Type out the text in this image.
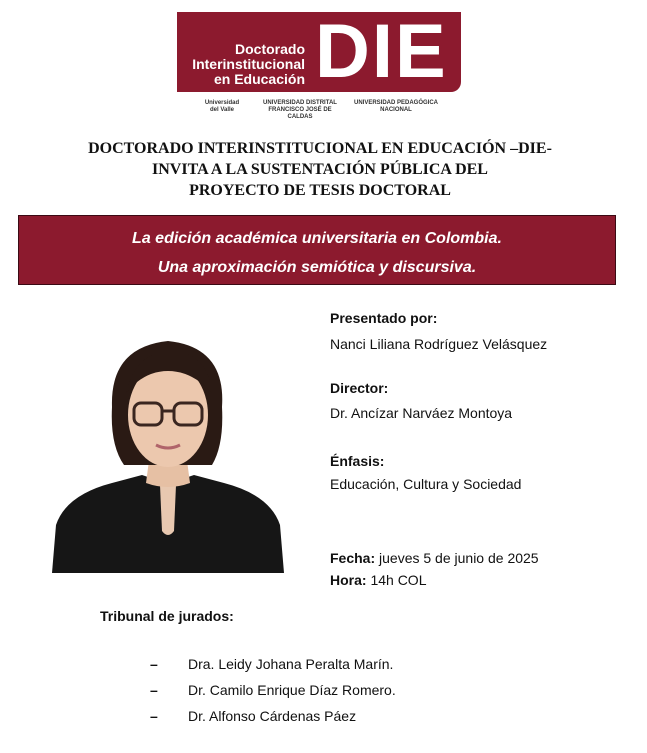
Doctorado
Interinstitucional
en Educación DIE
Universidad
del Valle
UNIVERSIDAD DISTRITAL
FRANCISCO JOSÉ DE CALDAS
UNIVERSIDAD PEDAGÓGICA
NACIONAL
DOCTORADO INTERINSTITUCIONAL EN EDUCACIÓN –DIE-
INVITA A LA SUSTENTACIÓN PÚBLICA DEL
PROYECTO DE TESIS DOCTORAL
La edición académica universitaria en Colombia.
Una aproximación semiótica y discursiva.
Presentado por:
Nanci Liliana Rodríguez Velásquez
Director:
Dr. Ancízar Narváez Montoya
Énfasis:
Educación, Cultura y Sociedad
Fecha: jueves 5 de junio de 2025
Hora: 14h COL
Tribunal de jurados:
– Dra. Leidy Johana Peralta Marín.
– Dr. Camilo Enrique Díaz Romero.
– Dr. Alfonso Cárdenas Páez
